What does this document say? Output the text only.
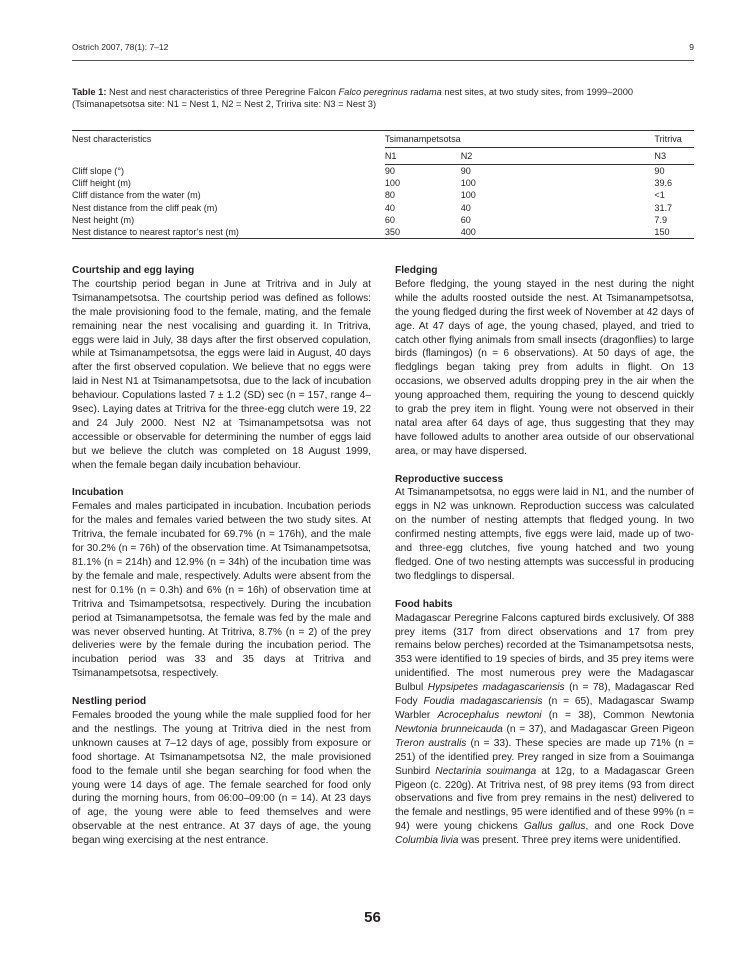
Ostrich 2007, 78(1): 7–12	9
Table 1: Nest and nest characteristics of three Peregrine Falcon Falco peregrinus radama nest sites, at two study sites, from 1999–2000 (Tsimanapetsotsa site: N1 = Nest 1, N2 = Nest 2, Tririva site: N3 = Nest 3)
Nest characteristics	Tsimanampetsotsa		Tritriva
	N1	N2	N3
Cliff slope (°)	90	90	90
Cliff height (m)	100	100	39.6
Cliff distance from the water (m)	80	100	<1
Nest distance from the cliff peak (m)	40	40	31.7
Nest height (m)	60	60	7.9
Nest distance to nearest raptor’s nest (m)	350	400	150
Courtship and egg laying

The courtship period began in June at Tritriva and in July at Tsimanampetsotsa. The courtship period was defined as follows: the male provisioning food to the female, mating, and the female remaining near the nest vocalising and guarding it. In Tritriva, eggs were laid in July, 38 days after the first observed copulation, while at Tsimanampetsotsa, the eggs were laid in August, 40 days after the first observed copulation. We believe that no eggs were laid in Nest N1 at Tsimanampetsotsa, due to the lack of incubation behaviour. Copulations lasted 7 ± 1.2 (SD) sec (n = 157, range 4–9sec). Laying dates at Tritriva for the three-egg clutch were 19, 22 and 24 July 2000. Nest N2 at Tsimanampetsotsa was not accessible or observable for determining the number of eggs laid but we believe the clutch was completed on 18 August 1999, when the female began daily incubation behaviour.

Incubation

Females and males participated in incubation. Incubation periods for the males and females varied between the two study sites. At Tritriva, the female incubated for 69.7% (n = 176h), and the male for 30.2% (n = 76h) of the observation time. At Tsimanampetsotsa, 81.1% (n = 214h) and 12.9% (n = 34h) of the incubation time was by the female and male, respectively. Adults were absent from the nest for 0.1% (n = 0.3h) and 6% (n = 16h) of observation time at Tritriva and Tsimampetsotsa, respectively. During the incubation period at Tsimanampetsotsa, the female was fed by the male and was never observed hunting. At Tritriva, 8.7% (n = 2) of the prey deliveries were by the female during the incubation period. The incubation period was 33 and 35 days at Tritriva and Tsimanampetsotsa, respectively.

Nestling period

Females brooded the young while the male supplied food for her and the nestlings. The young at Tritriva died in the nest from unknown causes at 7–12 days of age, possibly from exposure or food shortage. At Tsimanampetsotsa N2, the male provisioned food to the female until she began searching for food when the young were 14 days of age. The female searched for food only during the morning hours, from 06:00–09:00 (n = 14). At 23 days of age, the young were able to feed themselves and were observable at the nest entrance. At 37 days of age, the young began wing exercising at the nest entrance.

Fledging

Before fledging, the young stayed in the nest during the night while the adults roosted outside the nest. At Tsimanampetsotsa, the young fledged during the first week of November at 42 days of age. At 47 days of age, the young chased, played, and tried to catch other flying animals from small insects (dragonflies) to large birds (flamingos) (n = 6 observations). At 50 days of age, the fledglings began taking prey from adults in flight. On 13 occasions, we observed adults dropping prey in the air when the young approached them, requiring the young to descend quickly to grab the prey item in flight. Young were not observed in their natal area after 64 days of age, thus suggesting that they may have followed adults to another area outside of our observational area, or may have dispersed.

Reproductive success

At Tsimanampetsotsa, no eggs were laid in N1, and the number of eggs in N2 was unknown. Reproduction success was calculated on the number of nesting attempts that fledged young. In two confirmed nesting attempts, five eggs were laid, made up of two- and three-egg clutches, five young hatched and two young fledged. One of two nesting attempts was successful in producing two fledglings to dispersal.

Food habits

Madagascar Peregrine Falcons captured birds exclusively. Of 388 prey items (317 from direct observations and 17 from prey remains below perches) recorded at the Tsimanampetsotsa nests, 353 were identified to 19 species of birds, and 35 prey items were unidentified. The most numerous prey were the Madagascar Bulbul Hypsipetes madagascariensis (n = 78), Madagascar Red Fody Foudia madagascariensis (n = 65), Madagascar Swamp Warbler Acrocephalus newtoni (n = 38), Common Newtonia Newtonia brunneicauda (n = 37), and Madagascar Green Pigeon Treron australis (n = 33). These species are made up 71% (n = 251) of the identified prey. Prey ranged in size from a Souimanga Sunbird Nectarinia souimanga at 12g, to a Madagascar Green Pigeon (c. 220g). At Tritriva nest, of 98 prey items (93 from direct observations and five from prey remains in the nest) delivered to the female and nestlings, 95 were identified and of these 99% (n = 94) were young chickens Gallus gallus, and one Rock Dove Columbia livia was present. Three prey items were unidentified.

56
